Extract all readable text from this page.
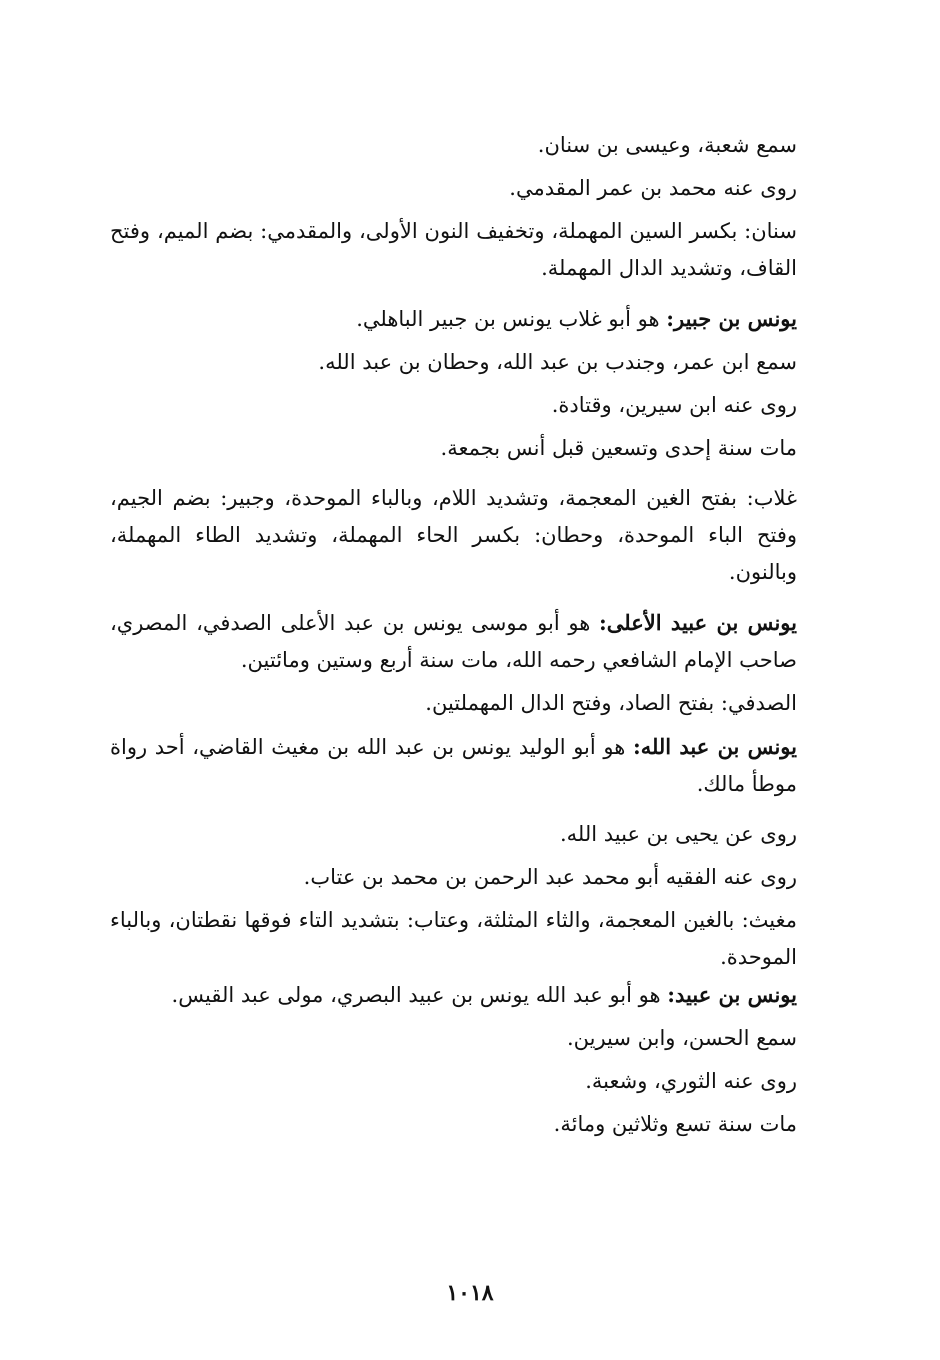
سمع شعبة، وعيسى بن سنان.
روى عنه محمد بن عمر المقدمي.
سنان: بكسر السين المهملة، وتخفيف النون الأولى، والمقدمي: بضم الميم، وفتح القاف، وتشديد الدال المهملة.
يونس بن جبير: هو أبو غلاب يونس بن جبير الباهلي.
سمع ابن عمر، وجندب بن عبد الله، وحطان بن عبد الله.
روى عنه ابن سيرين، وقتادة.
مات سنة إحدى وتسعين قبل أنس بجمعة.
غلاب: بفتح الغين المعجمة، وتشديد اللام، وبالباء الموحدة، وجبير: بضم الجيم، وفتح الباء الموحدة، وحطان: بكسر الحاء المهملة، وتشديد الطاء المهملة، وبالنون.
يونس بن عبيد الأعلى: هو أبو موسى يونس بن عبد الأعلى الصدفي، المصري، صاحب الإمام الشافعي رحمه الله، مات سنة أربع وستين ومائتين.
الصدفي: بفتح الصاد، وفتح الدال المهملتين.
يونس بن عبد الله: هو أبو الوليد يونس بن عبد الله بن مغيث القاضي، أحد رواة موطأ مالك.
روى عن يحيى بن عبيد الله.
روى عنه الفقيه أبو محمد عبد الرحمن بن محمد بن عتاب.
مغيث: بالغين المعجمة، والثاء المثلثة، وعتاب: بتشديد التاء فوقها نقطتان، وبالباء الموحدة.
يونس بن عبيد: هو أبو عبد الله يونس بن عبيد البصري، مولى عبد القيس.
سمع الحسن، وابن سيرين.
روى عنه الثوري، وشعبة.
مات سنة تسع وثلاثين ومائة.
١٠١٨
